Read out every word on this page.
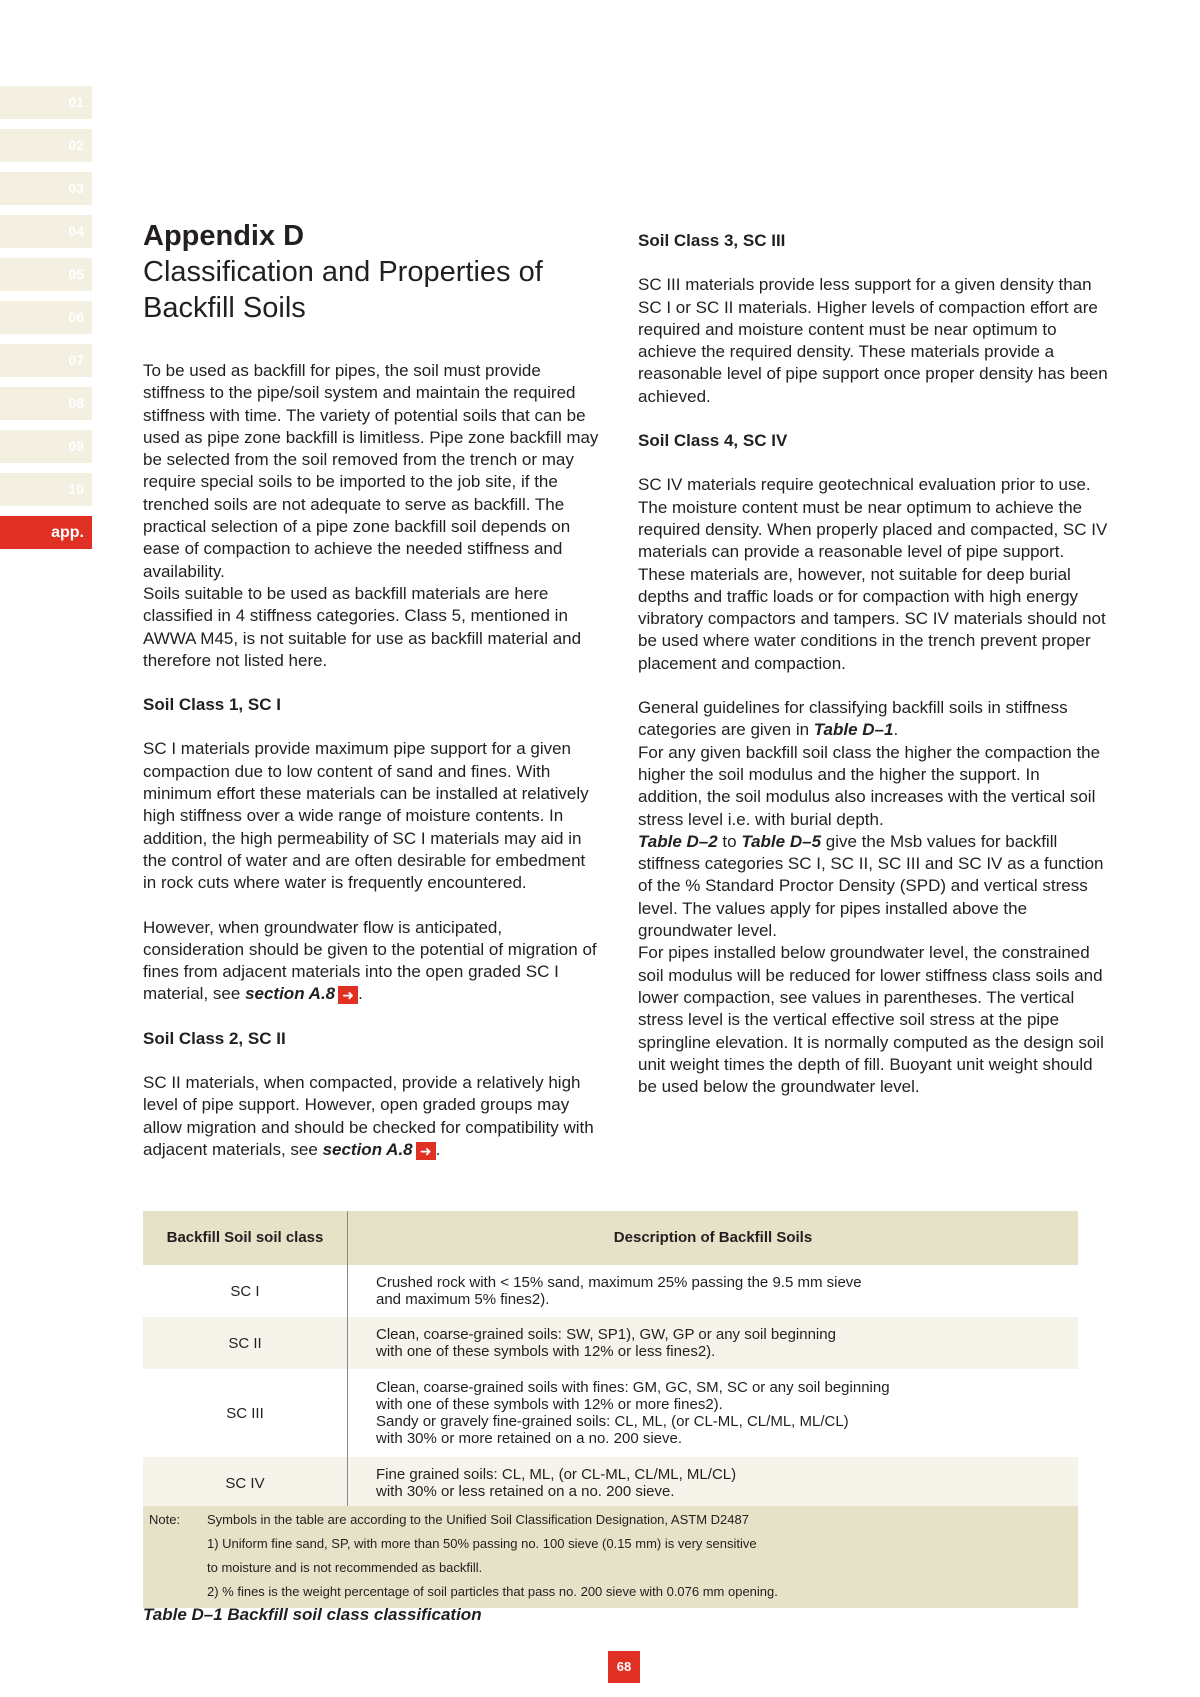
01
02
03
04
05
06
07
08
09
10
app.
Appendix D
Classification and Properties of Backfill Soils

To be used as backfill for pipes, the soil must provide stiffness to the pipe/soil system and maintain the required stiffness with time. The variety of potential soils that can be used as pipe zone backfill is limitless. Pipe zone backfill may be selected from the soil removed from the trench or may require special soils to be imported to the job site, if the trenched soils are not adequate to serve as backfill. The practical selection of a pipe zone backfill soil depends on ease of compaction to achieve the needed stiffness and availability.

Soils suitable to be used as backfill materials are here classified in 4 stiffness categories. Class 5, mentioned in AWWA M45, is not suitable for use as backfill material and therefore not listed here.

Soil Class 1, SC I

SC I materials provide maximum pipe support for a given compaction due to low content of sand and fines. With minimum effort these materials can be installed at relatively high stiffness over a wide range of moisture contents. In addition, the high permeability of SC I materials may aid in the control of water and are often desirable for embedment in rock cuts where water is frequently encountered.

However, when groundwater flow is anticipated, consideration should be given to the potential of migration of fines from adjacent materials into the open graded SC I material, see section A.8 ➜ .

Soil Class 2, SC II

SC II materials, when compacted, provide a relatively high level of pipe support. However, open graded groups may allow migration and should be checked for compatibility with adjacent materials, see section A.8 ➜ .

Soil Class 3, SC III

SC III materials provide less support for a given density than SC I or SC II materials. Higher levels of compaction effort are required and moisture content must be near optimum to achieve the required density. These materials provide a reasonable level of pipe support once proper density has been achieved.

Soil Class 4, SC IV

SC IV materials require geotechnical evaluation prior to use. The moisture content must be near optimum to achieve the required density. When properly placed and compacted, SC IV materials can provide a reasonable level of pipe support. These materials are, however, not suitable for deep burial depths and traffic loads or for compaction with high energy vibratory compactors and tampers. SC IV materials should not be used where water conditions in the trench prevent proper placement and compaction.

General guidelines for classifying backfill soils in stiffness categories are given in Table D–1.

For any given backfill soil class the higher the compaction the higher the soil modulus and the higher the support. In addition, the soil modulus also increases with the vertical soil stress level i.e. with burial depth.

Table D–2 to Table D–5 give the Msb values for backfill stiffness categories SC I, SC II, SC III and SC IV as a function of the % Standard Proctor Density (SPD) and vertical stress level. The values apply for pipes installed above the groundwater level.

For pipes installed below groundwater level, the constrained soil modulus will be reduced for lower stiffness class soils and lower compaction, see values in parentheses. The vertical stress level is the vertical effective soil stress at the pipe springline elevation. It is normally computed as the design soil unit weight times the depth of fill. Buoyant unit weight should be used below the groundwater level.

Backfill Soil soil class	Description of Backfill Soils
SC I	Crushed rock with < 15% sand, maximum 25% passing the 9.5 mm sieve
and maximum 5% fines2).

SC II	Clean, coarse-grained soils: SW, SP1), GW, GP or any soil beginning
with one of these symbols with 12% or less fines2).

SC III	Clean, coarse-grained soils with fines: GM, GC, SM, SC or any soil beginning
with one of these symbols with 12% or more fines2).
Sandy or gravely fine-grained soils: CL, ML, (or CL-ML, CL/ML, ML/CL)
with 30% or more retained on a no. 200 sieve.

SC IV	Fine grained soils: CL, ML, (or CL-ML, CL/ML, ML/CL)
with 30% or less retained on a no. 200 sieve.
Note:	Symbols in the table are according to the Unified Soil Classification Designation, ASTM D2487
1) Uniform fine sand, SP, with more than 50% passing no. 100 sieve (0.15 mm) is very sensitive
to moisture and is not recommended as backfill.
2) % fines is the weight percentage of soil particles that pass no. 200 sieve with 0.076 mm opening.
Table D–1 Backfill soil class classification
68
